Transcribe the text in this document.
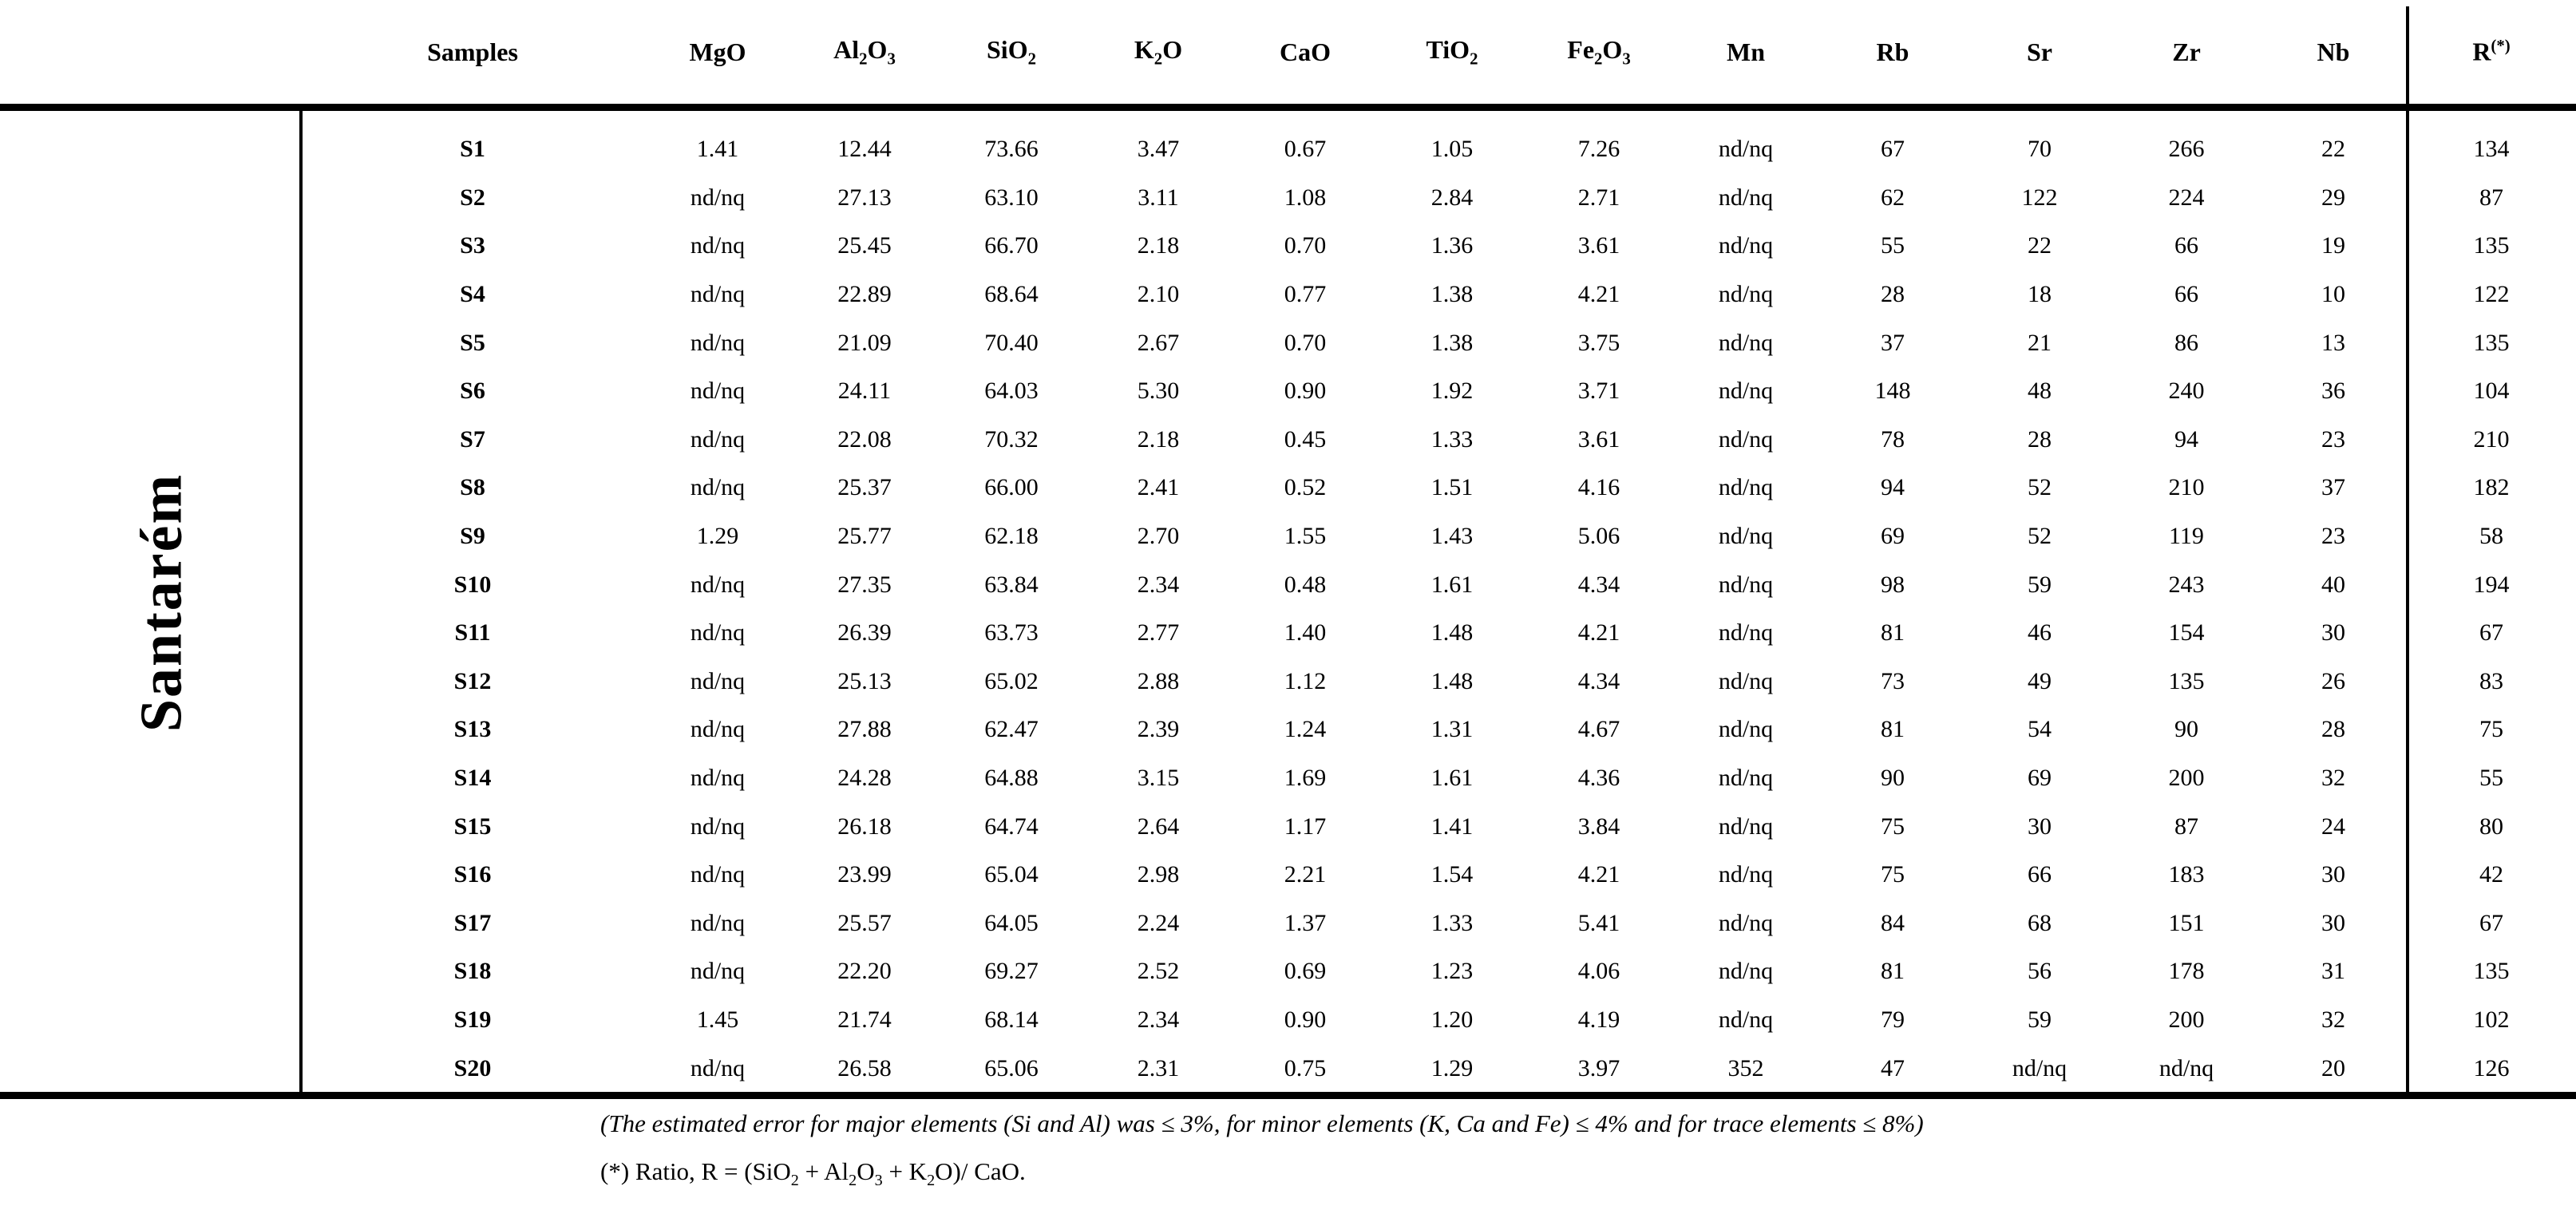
Samples	MgO	$Al_2O_3$	SiO$_2$	$K_2O$	CaO	TiO$_2$	$Fe_2O_3$	Mn	Rb	Sr	Zr	Nb	R(*)
Santarém
S1	1.41	12.44	73.66	3.47	0.67	1.05	7.26	nd/nq	67	70	266	22	134
S2	nd/nq	27.13	63.10	3.11	1.08	2.84	2.71	nd/nq	62	122	224	29	87
S3	nd/nq	25.45	66.70	2.18	0.70	1.36	3.61	nd/nq	55	22	66	19	135
S4	nd/nq	22.89	68.64	2.10	0.77	1.38	4.21	nd/nq	28	18	66	10	122
S5	nd/nq	21.09	70.40	2.67	0.70	1.38	3.75	nd/nq	37	21	86	13	135
S6	nd/nq	24.11	64.03	5.30	0.90	1.92	3.71	nd/nq	148	48	240	36	104
S7	nd/nq	22.08	70.32	2.18	0.45	1.33	3.61	nd/nq	78	28	94	23	210
S8	nd/nq	25.37	66.00	2.41	0.52	1.51	4.16	nd/nq	94	52	210	37	182
S9	1.29	25.77	62.18	2.70	1.55	1.43	5.06	nd/nq	69	52	119	23	58
S10	nd/nq	27.35	63.84	2.34	0.48	1.61	4.34	nd/nq	98	59	243	40	194
S11	nd/nq	26.39	63.73	2.77	1.40	1.48	4.21	nd/nq	81	46	154	30	67
S12	nd/nq	25.13	65.02	2.88	1.12	1.48	4.34	nd/nq	73	49	135	26	83
S13	nd/nq	27.88	62.47	2.39	1.24	1.31	4.67	nd/nq	81	54	90	28	75
S14	nd/nq	24.28	64.88	3.15	1.69	1.61	4.36	nd/nq	90	69	200	32	55
S15	nd/nq	26.18	64.74	2.64	1.17	1.41	3.84	nd/nq	75	30	87	24	80
S16	nd/nq	23.99	65.04	2.98	2.21	1.54	4.21	nd/nq	75	66	183	30	42
S17	nd/nq	25.57	64.05	2.24	1.37	1.33	5.41	nd/nq	84	68	151	30	67
S18	nd/nq	22.20	69.27	2.52	0.69	1.23	4.06	nd/nq	81	56	178	31	135
S19	1.45	21.74	68.14	2.34	0.90	1.20	4.19	nd/nq	79	59	200	32	102
S20	nd/nq	26.58	65.06	2.31	0.75	1.29	3.97	352	47	nd/nq	nd/nq	20	126

(The estimated error for major elements (Si and Al) was ≤ 3%, for minor elements (K, Ca and Fe) ≤ 4% and for trace elements ≤ 8%)

(*) Ratio, $R = (SiO_2 + Al_2O_3 + K_2O)/$ CaO.
